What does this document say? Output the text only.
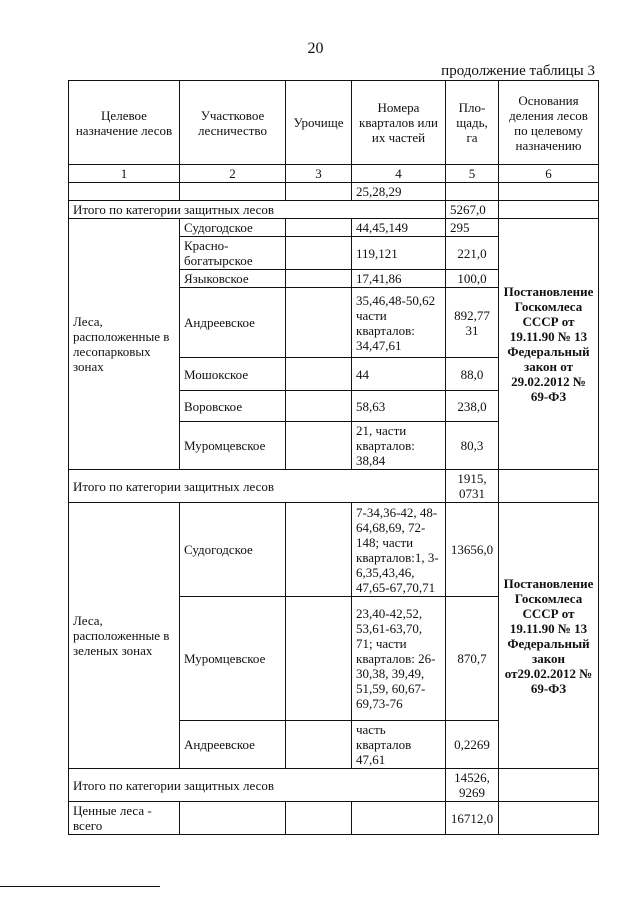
20
продолжение таблицы 3
Целевое назначение лесов	Участковое лесничество	Урочище	Номера кварталов или их частей	Пло-щадь, га	Основания деления лесов по целевому назначению
1	2	3	4	5	6
			25,28,29		
Итого по категории защитных лесов				5267,0	
Леса, расположенные в лесопарковых зонах	Судогодское		44,45,149	295	Постановление Госкомлеса СССР от 19.11.90 № 13 Федеральный закон от 29.02.2012 № 69-ФЗ
	Красно-богатырское		119,121	221,0	
	Языковское		17,41,86	100,0	
	Андреевское		35,46,48-50,62 части кварталов: 34,47,61	892,77 31	
	Мошокское		44	88,0	
	Воровское		58,63	238,0	
	Муромцевское		21, части кварталов: 38,84	80,3	
Итого по категории защитных лесов				1915, 0731	
Леса, расположенные в зеленых зонах	Судогодское		7-34,36-42, 48-64,68,69, 72-148; части кварталов:1, 3-6,35,43,46, 47,65-67,70,71	13656,0	Постановление Госкомлеса СССР от 19.11.90 № 13 Федеральный закон от29.02.2012 № 69-ФЗ
	Муромцевское		23,40-42,52, 53,61-63,70, 71; части кварталов: 26-30,38, 39,49, 51,59, 60,67-69,73-76	870,7	
	Андреевское		часть кварталов 47,61	0,2269	
Итого по категории защитных лесов				14526, 9269	
Ценные леса - всего				16712,0	
